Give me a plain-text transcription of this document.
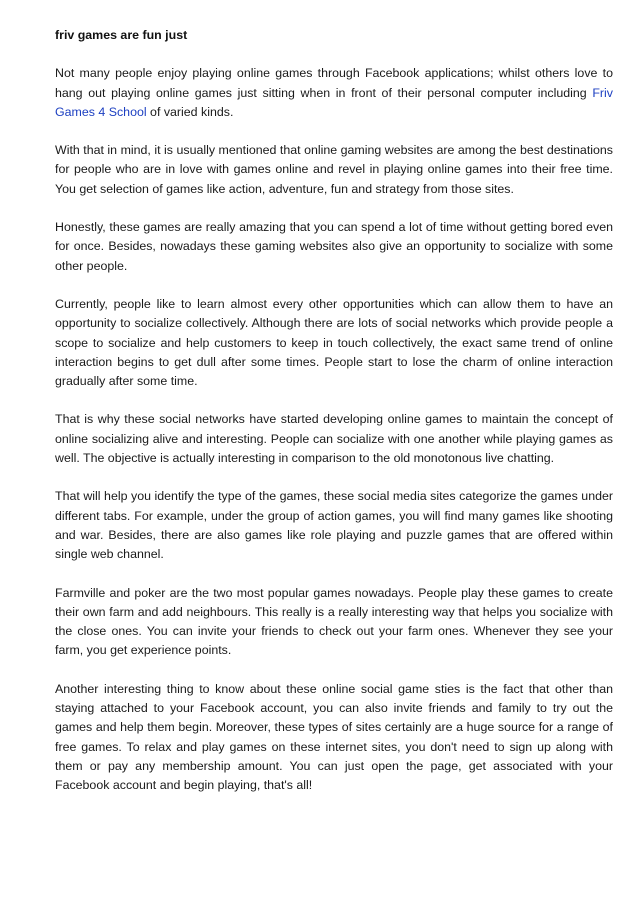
friv games are fun just

Not many people enjoy playing online games through Facebook applications; whilst others love to hang out playing online games just sitting when in front of their personal computer including Friv Games 4 School of varied kinds.

With that in mind, it is usually mentioned that online gaming websites are among the best destinations for people who are in love with games online and revel in playing online games into their free time. You get selection of games like action, adventure, fun and strategy from those sites.

Honestly, these games are really amazing that you can spend a lot of time without getting bored even for once. Besides, nowadays these gaming websites also give an opportunity to socialize with some other people.

Currently, people like to learn almost every other opportunities which can allow them to have an opportunity to socialize collectively. Although there are lots of social networks which provide people a scope to socialize and help customers to keep in touch collectively, the exact same trend of online interaction begins to get dull after some times. People start to lose the charm of online interaction gradually after some time.

That is why these social networks have started developing online games to maintain the concept of online socializing alive and interesting. People can socialize with one another while playing games as well. The objective is actually interesting in comparison to the old monotonous live chatting.

That will help you identify the type of the games, these social media sites categorize the games under different tabs. For example, under the group of action games, you will find many games like shooting and war. Besides, there are also games like role playing and puzzle games that are offered within single web channel.

Farmville and poker are the two most popular games nowadays. People play these games to create their own farm and add neighbours. This really is a really interesting way that helps you socialize with the close ones. You can invite your friends to check out your farm ones. Whenever they see your farm, you get experience points.

Another interesting thing to know about these online social game sties is the fact that other than staying attached to your Facebook account, you can also invite friends and family to try out the games and help them begin. Moreover, these types of sites certainly are a huge source for a range of free games. To relax and play games on these internet sites, you don't need to sign up along with them or pay any membership amount. You can just open the page, get associated with your Facebook account and begin playing, that's all!
